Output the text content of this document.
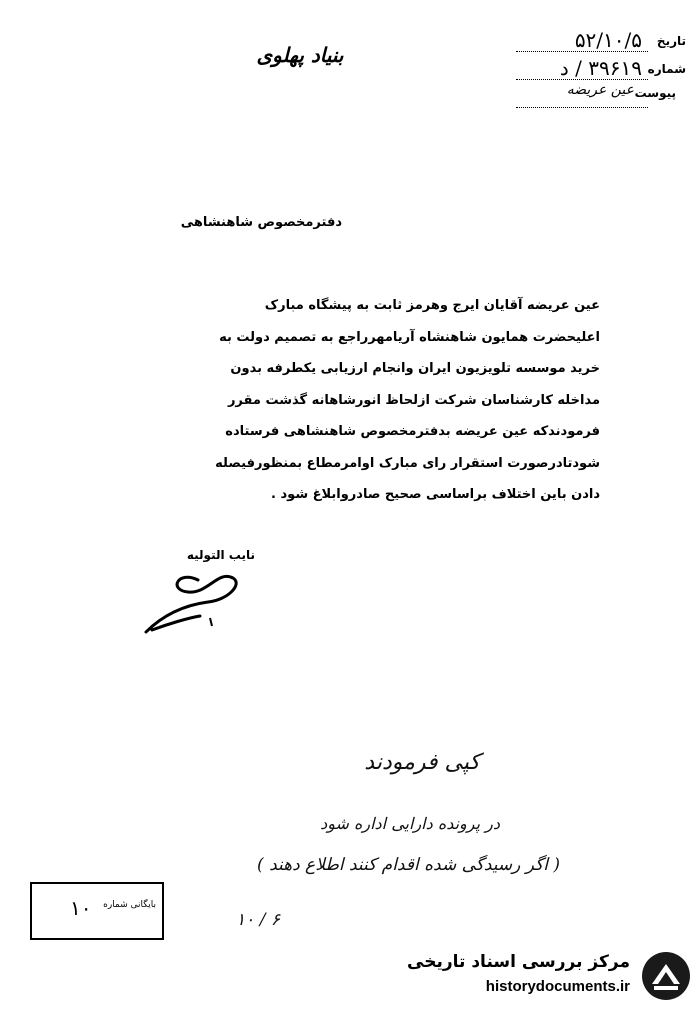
بنیاد پهلوی
تاریخ
۵۲/۱۰/۵
شماره
۳۹۶۱۹ / د
پیوست
عین عریضه
دفترمخصوص شاهنشاهی
عین عریضه آقایان ایرج وهرمز ثابت به پیشگاه مبارک
اعلیحضرت همایون شاهنشاه آریامهرراجع به تصمیم دولت به
خرید موسسه تلویزیون ایران وانجام ارزیابی یکطرفه بدون
مداخله کارشناسان شرکت ازلحاظ انورشاهانه گذشت مقرر
فرمودندکه عین عریضه بدفترمخصوص شاهنشاهی فرستاده
شودتادرصورت استقرار رای مبارک اوامرمطاع بمنظورفیصله
دادن باین اختلاف براساسی صحیح صادروابلاغ شود .
نایب التولیه
کپی فرمودند
در پرونده دارایی اداره شود
( اگر رسیدگی شده اقدام کنند اطلاع دهند )
۶ / ۱۰
بایگانی شماره
۱۰
مرکز بررسی اسناد تاریخی
historydocuments.ir
